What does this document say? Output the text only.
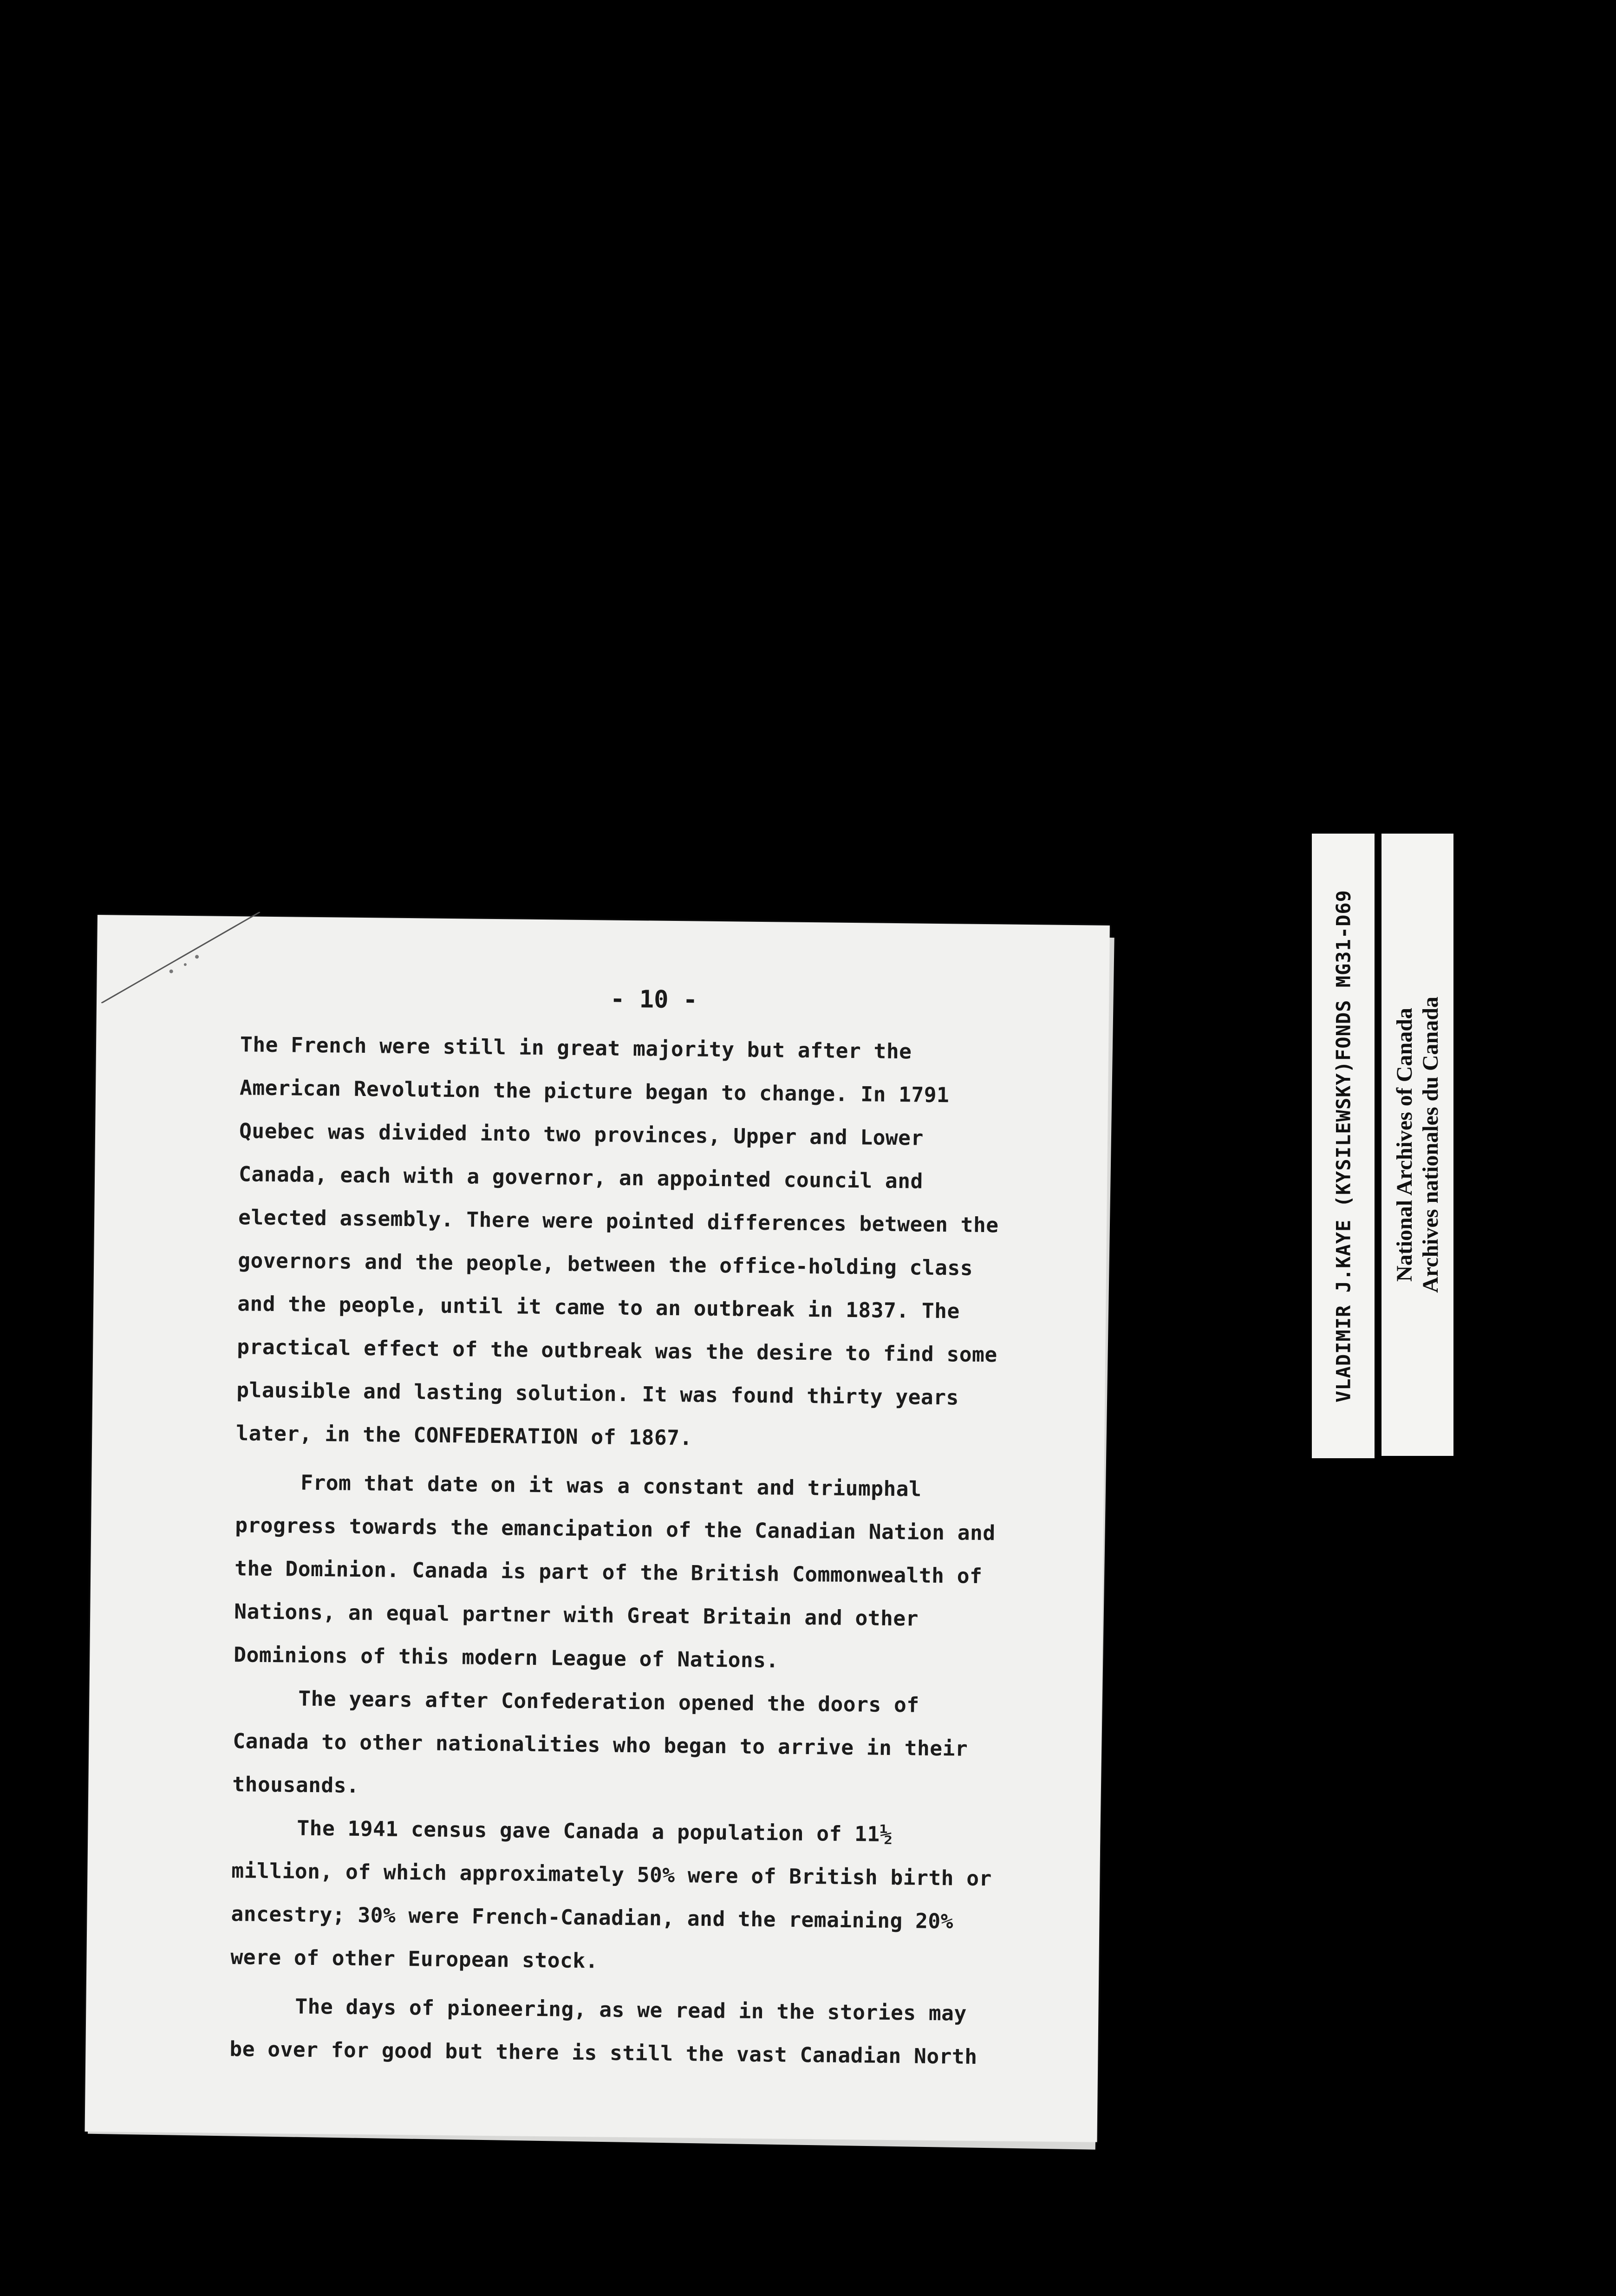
- 10 -

The French were still in great majority but after the American Revolution the picture began to change. In 1791 Quebec was divided into two provinces, Upper and Lower Canada, each with a governor, an appointed council and elected assembly. There were pointed differences between the governors and the people, between the office-holding class and the people, until it came to an outbreak in 1837. The practical effect of the outbreak was the desire to find some plausible and lasting solution. It was found thirty years later, in the CONFEDERATION of 1867.

From that date on it was a constant and triumphal progress towards the emancipation of the Canadian Nation and the Dominion. Canada is part of the British Commonwealth of Nations, an equal partner with Great Britain and other Dominions of this modern League of Nations.

The years after Confederation opened the doors of Canada to other nationalities who began to arrive in their thousands.

The 1941 census gave Canada a population of 11½ million, of which approximately 50% were of British birth or ancestry; 30% were French-Canadian, and the remaining 20% were of other European stock.

The days of pioneering, as we read in the stories may be over for good but there is still the vast Canadian North

VLADIMIR J.KAYE (KYSILEWSKY)FONDS MG31-D69 National Archives of Canada Archives nationales du Canada
